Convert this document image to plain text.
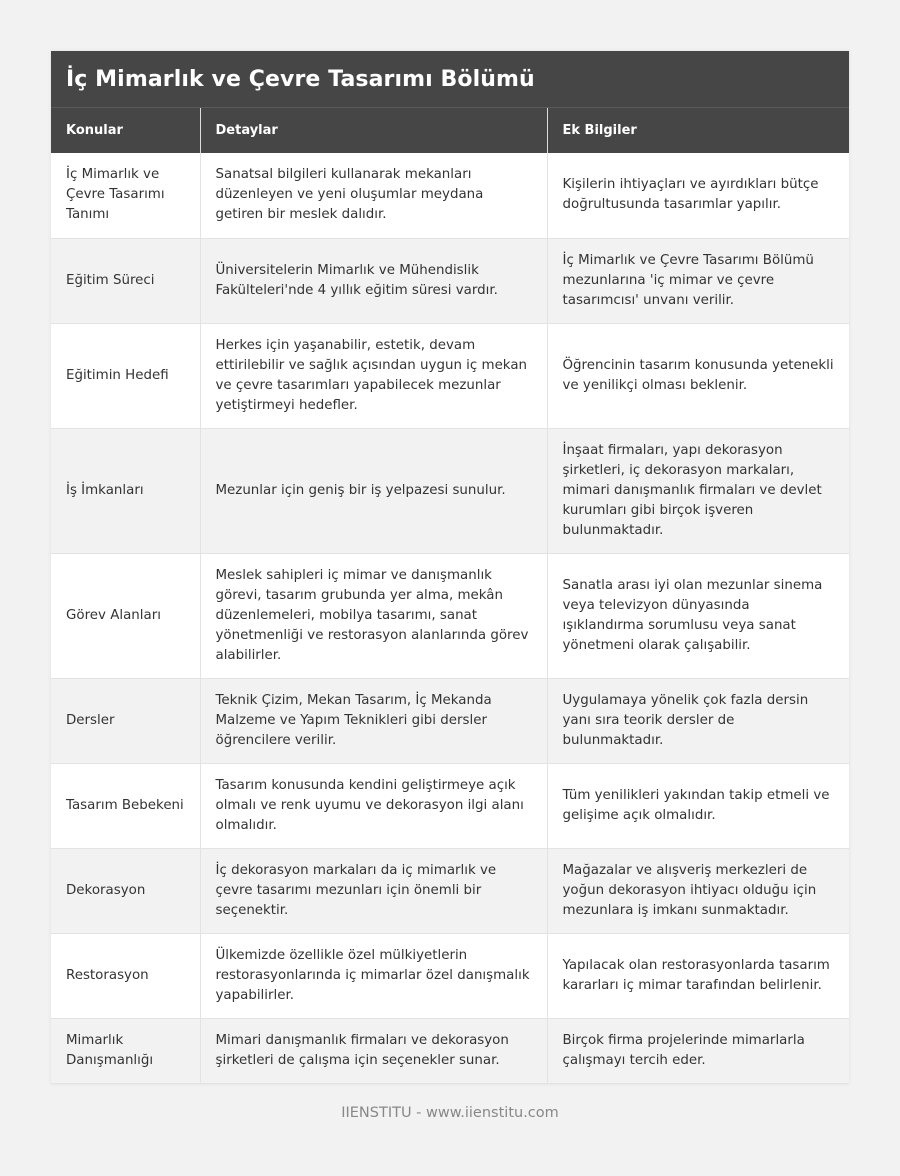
İç Mimarlık ve Çevre Tasarımı Bölümü
Konular	Detaylar	Ek Bilgiler
İç Mimarlık ve Çevre Tasarımı Tanımı	Sanatsal bilgileri kullanarak mekanları düzenleyen ve yeni oluşumlar meydana getiren bir meslek dalıdır.	Kişilerin ihtiyaçları ve ayırdıkları bütçe doğrultusunda tasarımlar yapılır.
Eğitim Süreci	Üniversitelerin Mimarlık ve Mühendislik Fakülteleri'nde 4 yıllık eğitim süresi vardır.	İç Mimarlık ve Çevre Tasarımı Bölümü mezunlarına 'iç mimar ve çevre tasarımcısı' unvanı verilir.
Eğitimin Hedefi	Herkes için yaşanabilir, estetik, devam ettirilebilir ve sağlık açısından uygun iç mekan ve çevre tasarımları yapabilecek mezunlar yetiştirmeyi hedefler.	Öğrencinin tasarım konusunda yetenekli ve yenilikçi olması beklenir.
İş İmkanları	Mezunlar için geniş bir iş yelpazesi sunulur.	İnşaat firmaları, yapı dekorasyon şirketleri, iç dekorasyon markaları, mimari danışmanlık firmaları ve devlet kurumları gibi birçok işveren bulunmaktadır.
Görev Alanları	Meslek sahipleri iç mimar ve danışmanlık görevi, tasarım grubunda yer alma, mekân düzenlemeleri, mobilya tasarımı, sanat yönetmenliği ve restorasyon alanlarında görev alabilirler.	Sanatla arası iyi olan mezunlar sinema veya televizyon dünyasında ışıklandırma sorumlusu veya sanat yönetmeni olarak çalışabilir.
Dersler	Teknik Çizim, Mekan Tasarım, İç Mekanda Malzeme ve Yapım Teknikleri gibi dersler öğrencilere verilir.	Uygulamaya yönelik çok fazla dersin yanı sıra teorik dersler de bulunmaktadır.
Tasarım Bebekeni	Tasarım konusunda kendini geliştirmeye açık olmalı ve renk uyumu ve dekorasyon ilgi alanı olmalıdır.	Tüm yenilikleri yakından takip etmeli ve gelişime açık olmalıdır.
Dekorasyon	İç dekorasyon markaları da iç mimarlık ve çevre tasarımı mezunları için önemli bir seçenektir.	Mağazalar ve alışveriş merkezleri de yoğun dekorasyon ihtiyacı olduğu için mezunlara iş imkanı sunmaktadır.
Restorasyon	Ülkemizde özellikle özel mülkiyetlerin restorasyonlarında iç mimarlar özel danışmalık yapabilirler.	Yapılacak olan restorasyonlarda tasarım kararları iç mimar tarafından belirlenir.
Mimarlık Danışmanlığı	Mimari danışmanlık firmaları ve dekorasyon şirketleri de çalışma için seçenekler sunar.	Birçok firma projelerinde mimarlarla çalışmayı tercih eder.
IIENSTITU - www.iienstitu.com
